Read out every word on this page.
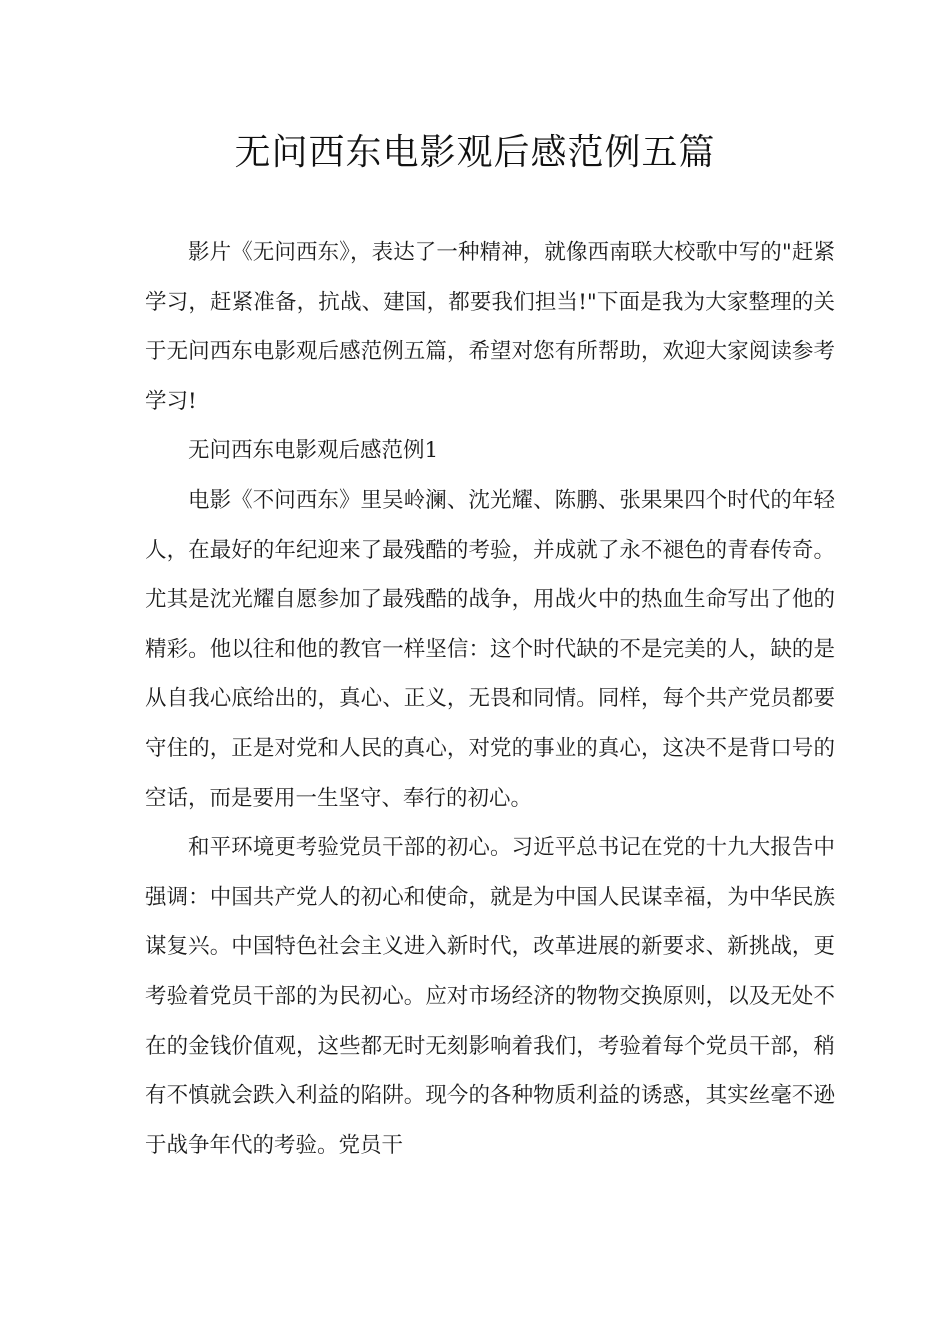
无问西东电影观后感范例五篇

影片《无问西东》，表达了一种精神，就像西南联大校歌中写的"赶紧学习，赶紧准备，抗战、建国，都要我们担当!"下面是我为大家整理的关于无问西东电影观后感范例五篇，希望对您有所帮助，欢迎大家阅读参考学习!

无问西东电影观后感范例1

电影《不问西东》里吴岭澜、沈光耀、陈鹏、张果果四个时代的年轻人，在最好的年纪迎来了最残酷的考验，并成就了永不褪色的青春传奇。尤其是沈光耀自愿参加了最残酷的战争，用战火中的热血生命写出了他的精彩。他以往和他的教官一样坚信：这个时代缺的不是完美的人，缺的是从自我心底给出的，真心、正义，无畏和同情。同样，每个共产党员都要守住的，正是对党和人民的真心，对党的事业的真心，这决不是背口号的空话，而是要用一生坚守、奉行的初心。

和平环境更考验党员干部的初心。习近平总书记在党的十九大报告中强调：中国共产党人的初心和使命，就是为中国人民谋幸福，为中华民族谋复兴。中国特色社会主义进入新时代，改革进展的新要求、新挑战，更考验着党员干部的为民初心。应对市场经济的物物交换原则，以及无处不在的金钱价值观，这些都无时无刻影响着我们，考验着每个党员干部，稍有不慎就会跌入利益的陷阱。现今的各种物质利益的诱惑，其实丝毫不逊于战争年代的考验。党员干
